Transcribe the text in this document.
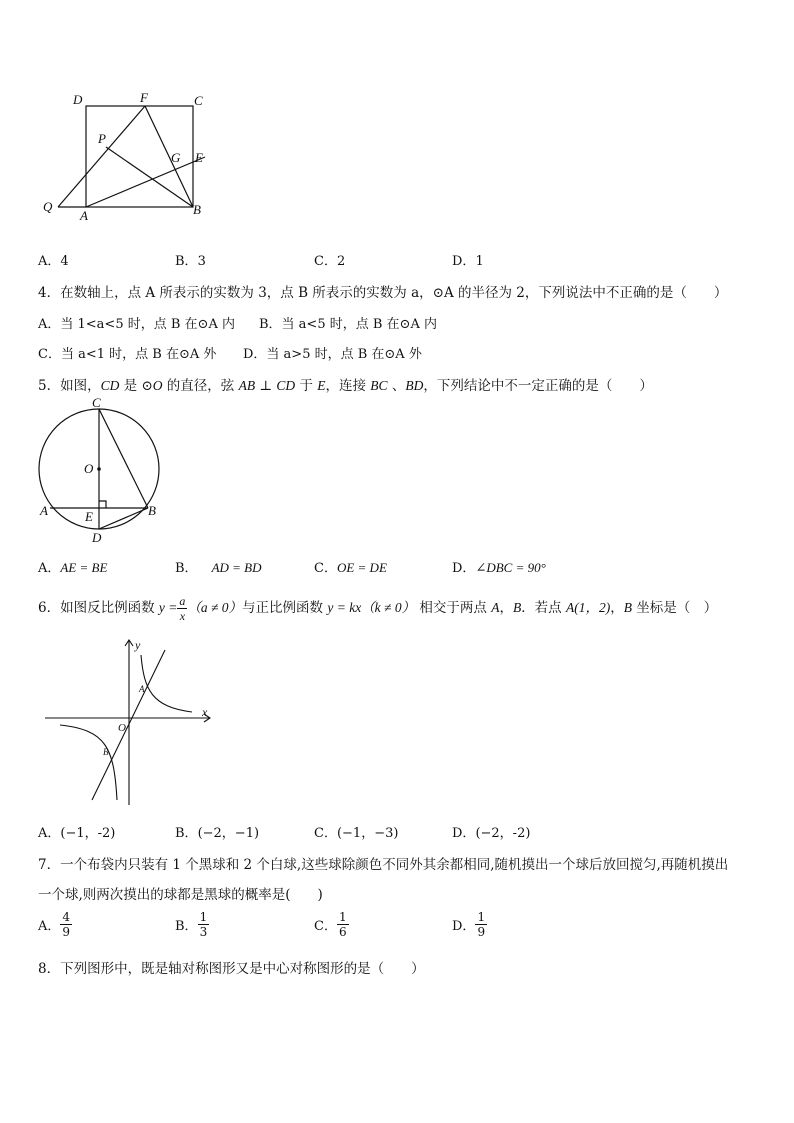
D	F	C
P
G E
Q
A	B
A．4	B．3	C．2	D．1
4．在数轴上，点 A 所表示的实数为 3，点 B 所表示的实数为 a，⊙A 的半径为 2，下列说法中不正确的是（　　）
A．当 1<a<5 时，点 B 在⊙A 内 B．当 a<5 时，点 B 在⊙A 内
C．当 a<1 时，点 B 在⊙A 外 D．当 a>5 时，点 B 在⊙A 外
5．如图，CD 是 ⊙O 的直径，弦 AB ⊥ CD 于 E，连接 BC 、BD，下列结论中不一定正确的是（　　）
C
O
A	E	B
D
A．AE = BE	B． AD = BD	C．OE = DE	D．∠DBC = 90°
6．如图反比例函数 $y = \frac{a}{x} (a \ne 0)$与正比例函数 y = kx（k ≠ 0） 相交于两点 A，B．若点 A(1，2)，B 坐标是（　）
y
x
O
A
B
A．(−1，-2)	B．(−2，−1)	C．(−1，−3)	D．(−2，-2)
7．一个布袋内只装有 1 个黑球和 2 个白球,这些球除颜色不同外其余都相同,随机摸出一个球后放回搅匀,再随机摸出
一个球,则两次摸出的球都是黑球的概率是(　　)
A． $\frac{4}{9}$	B． $\frac{1}{3}$	C． $\frac{1}{6}$	D． $\frac{1}{9}$
8．下列图形中，既是轴对称图形又是中心对称图形的是（　　）
